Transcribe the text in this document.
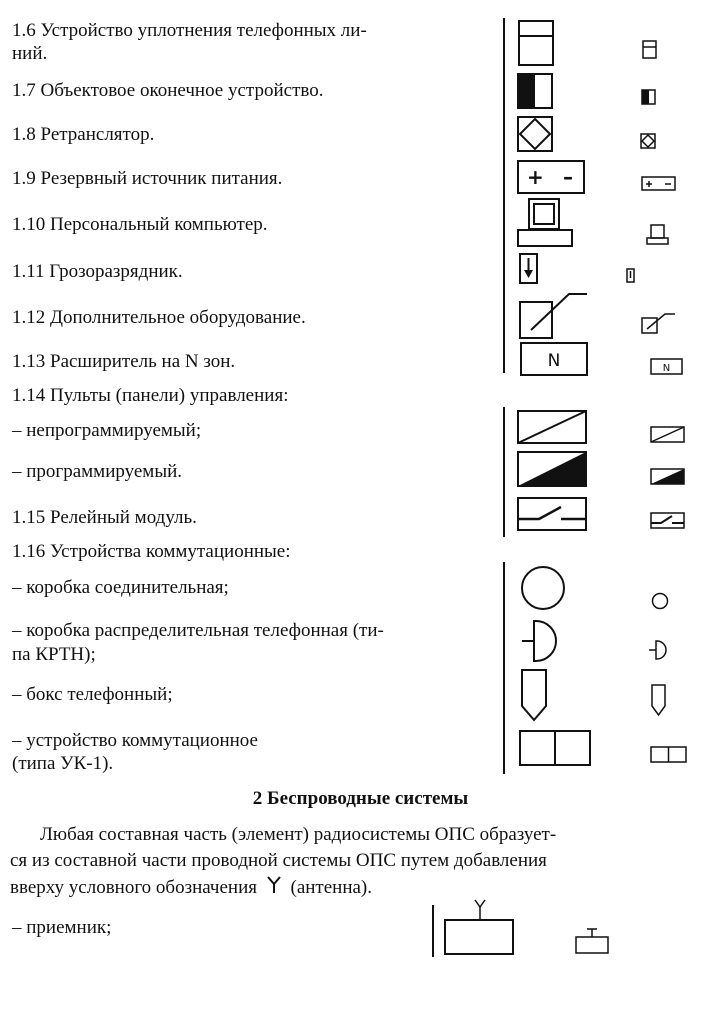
1.6 Устройство уплотнения телефонных ли-
ний.
1.7 Объектовое оконечное устройство.
1.8 Ретранслятор.
1.9 Резервный источник питания.
1.10 Персональный компьютер.
1.11 Грозоразрядник.
1.12 Дополнительное оборудование.
1.13 Расширитель на N зон.
1.14 Пульты (панели) управления:
– непрограммируемый;
– программируемый.
1.15 Релейный модуль.
1.16 Устройства коммутационные:
– коробка соединительная;
– коробка распределительная телефонная (ти-
па КРТН);
– бокс телефонный;
– устройство коммутационное
(типа УК-1).
+ –
N	N
2 Беспроводные системы
Любая составная часть (элемент) радиосистемы ОПС образует-
ся из составной части проводной системы ОПС путем добавления
вверху условного обозначения (антенна).
– приемник;
